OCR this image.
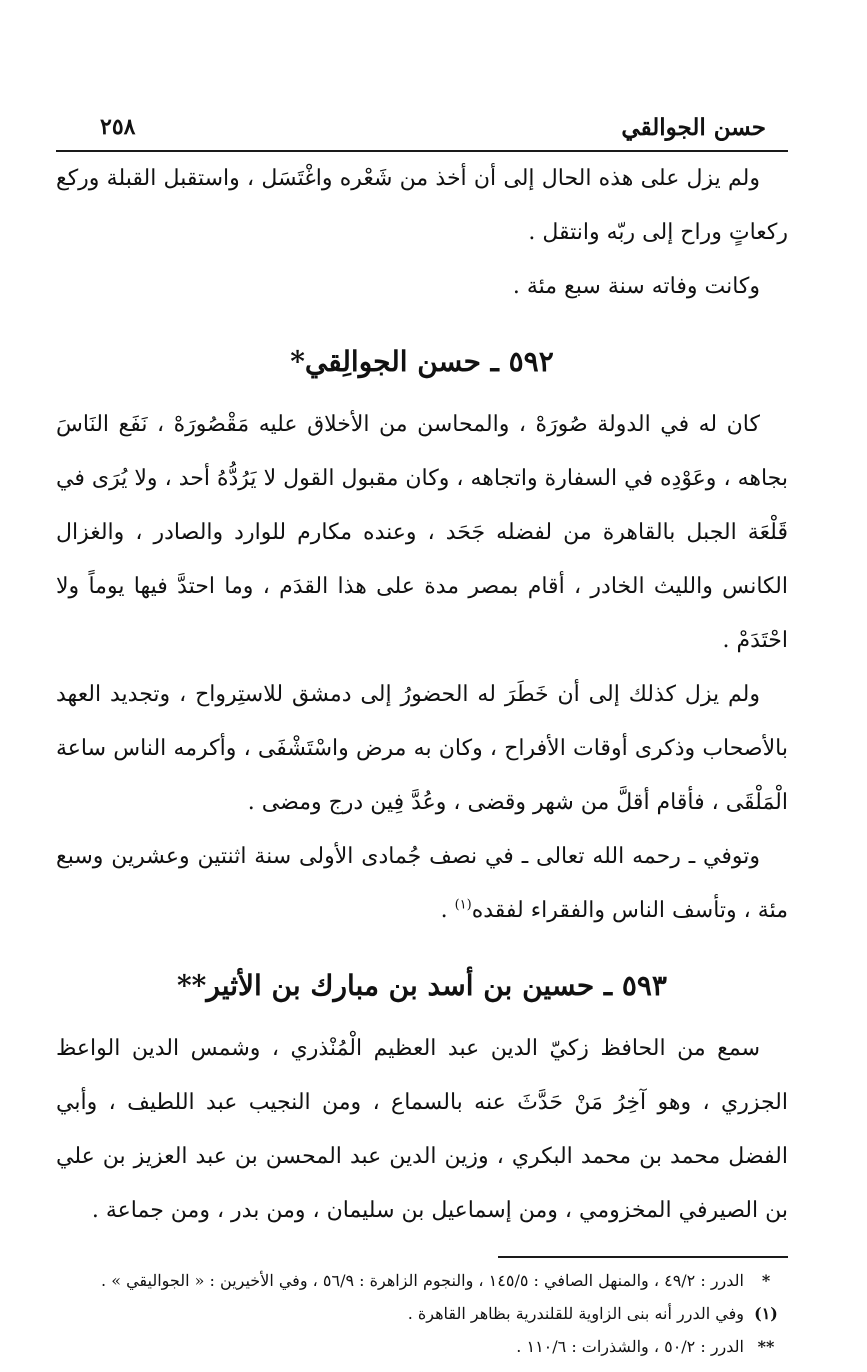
حسن الجوالقي
٢٥٨

ولم يزل على هذه الحال إلى أن أخذ من شَعْره واغْتَسَل ، واستقبل القبلة وركع ركعاتٍ وراح إلى ربّه وانتقل .

وكانت وفاته سنة سبع مئة .

٥٩٢ ـ حسن الجوالِقي*

كان له في الدولة صُورَهْ ، والمحاسن من الأخلاق عليه مَقْصُورَهْ ، نَفَع النَاسَ بجاهه ، وعَوْدِه في السفارة واتجاهه ، وكان مقبول القول لا يَرُدُّهُ أحد ، ولا يُرَى في قَلْعَة الجبل بالقاهرة من لفضله جَحَد ، وعنده مكارم للوارد والصادر ، والغزال الكانس والليث الخادر ، أقام بمصر مدة على هذا القدَم ، وما احتدَّ فيها يوماً ولا احْتَدَمْ .

ولم يزل كذلك إلى أن خَطَرَ له الحضورُ إلى دمشق للاستِرواح ، وتجديد العهد بالأصحاب وذكرى أوقات الأفراح ، وكان به مرض واسْتَشْفَى ، وأكرمه الناس ساعة الْمَلْقَى ، فأقام أقلَّ من شهر وقضى ، وعُدَّ فِين درج ومضى .

وتوفي ـ رحمه الله تعالى ـ في نصف جُمادى الأولى سنة اثنتين وعشرين وسبع مئة ، وتأسف الناس والفقراء لفقده$^{(١)}$ .

٥٩٣ ـ حسين بن أسد بن مبارك بن الأثير**

سمع من الحافظ زكيّ الدين عبد العظيم الْمُنْذري ، وشمس الدين الواعظ الجزري ، وهو آخِرُ مَنْ حَدَّثَ عنه بالسماع ، ومن النجيب عبد اللطيف ، وأبي الفضل محمد بن محمد البكري ، وزين الدين عبد المحسن بن عبد العزيز بن علي بن الصيرفي المخزومي ، ومن إسماعيل بن سليمان ، ومن بدر ، ومن جماعة .

*
الدرر : ٤٩/٢ ، والمنهل الصافي : ١٤٥/٥ ، والنجوم الزاهرة : ٥٦/٩ ، وفي الأخيرين : « الجواليقي » .
(١)
وفي الدرر أنه بنى الزاوية للقلندرية بظاهر القاهرة .
**
الدرر : ٥٠/٢ ، والشذرات : ١١٠/٦ .
